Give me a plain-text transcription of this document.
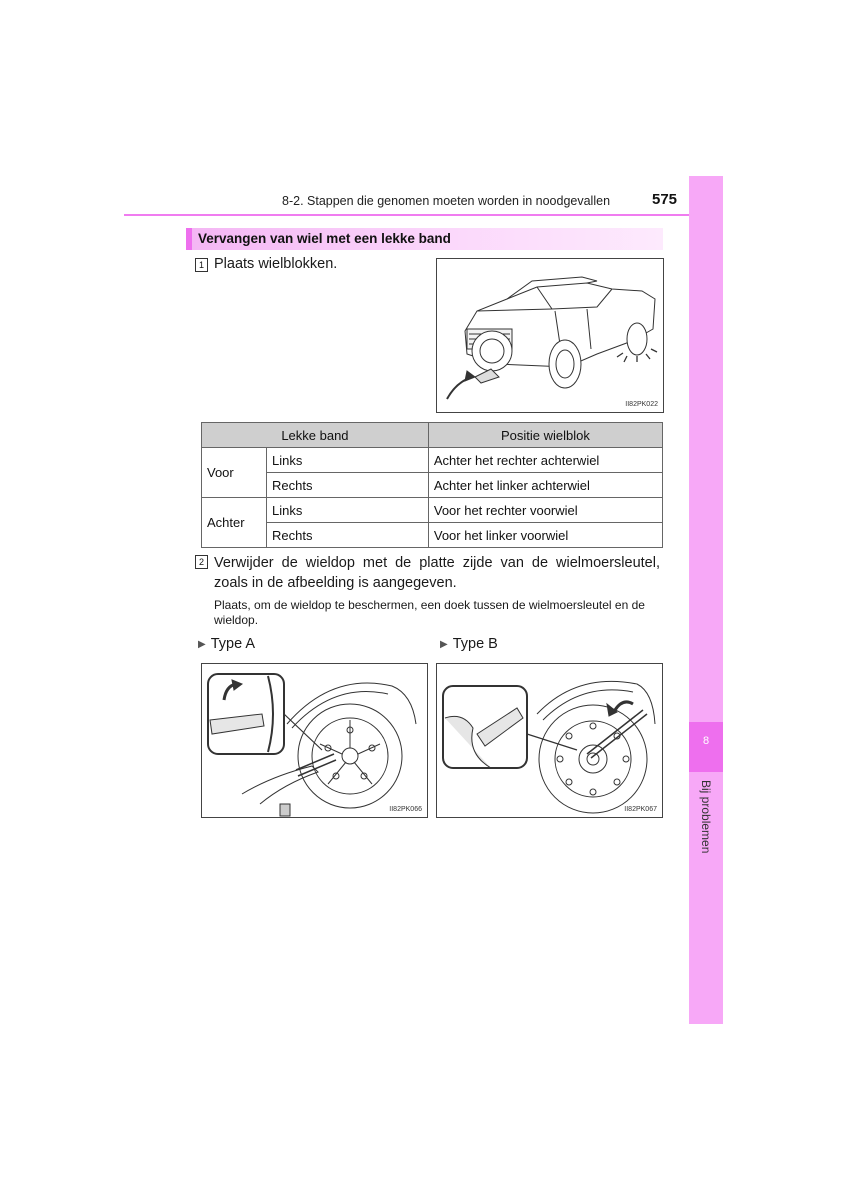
8-2. Stappen die genomen moeten worden in noodgevallen	575
8
Bij problemen
Vervangen van wiel met een lekke band
1 Plaats wielblokken.
II82PK022
Lekke band		Positie wielblok
Voor	Links	Achter het rechter achterwiel
	Rechts	Achter het linker achterwiel
Achter	Links	Voor het rechter voorwiel
	Rechts	Voor het linker voorwiel
2 Verwijder de wieldop met de platte zijde van de wielmoersleutel, zoals in de afbeelding is aangegeven.
Plaats, om de wieldop te beschermen, een doek tussen de wielmoersleutel en de wieldop.
▶ Type A	▶ Type B
II82PK066	II82PK067
